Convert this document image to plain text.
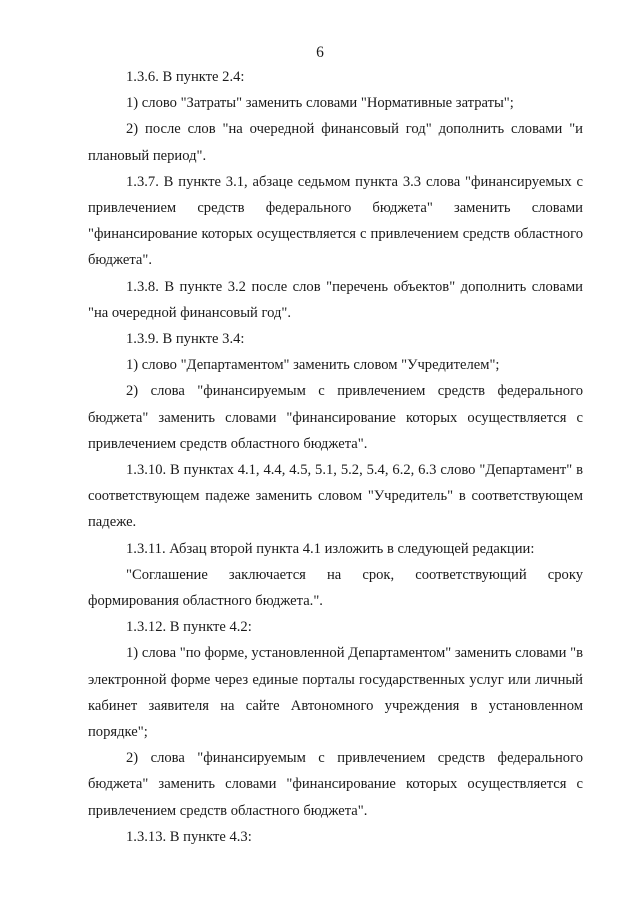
6

1.3.6. В пункте 2.4:

1) слово "Затраты" заменить словами "Нормативные затраты";

2) после слов "на очередной финансовый год" дополнить словами "и плановый период".

1.3.7. В пункте 3.1, абзаце седьмом пункта 3.3 слова "финансируемых с привлечением средств федерального бюджета" заменить словами "финансирование которых осуществляется с привлечением средств областного бюджета".

1.3.8. В пункте 3.2 после слов "перечень объектов" дополнить словами "на очередной финансовый год".

1.3.9. В пункте 3.4:

1) слово "Департаментом" заменить словом "Учредителем";

2) слова "финансируемым с привлечением средств федерального бюджета" заменить словами "финансирование которых осуществляется с привлечением средств областного бюджета".

1.3.10. В пунктах 4.1, 4.4, 4.5, 5.1, 5.2, 5.4, 6.2, 6.3 слово "Департамент" в соответствующем падеже заменить словом "Учредитель" в соответствующем падеже.

1.3.11. Абзац второй пункта 4.1 изложить в следующей редакции:

"Соглашение заключается на срок, соответствующий сроку формирования областного бюджета.".

1.3.12. В пункте 4.2:

1) слова "по форме, установленной Департаментом" заменить словами "в электронной форме через единые порталы государственных услуг или личный кабинет заявителя на сайте Автономного учреждения в установленном порядке";

2) слова "финансируемым с привлечением средств федерального бюджета" заменить словами "финансирование которых осуществляется с привлечением средств областного бюджета".

1.3.13. В пункте 4.3:
